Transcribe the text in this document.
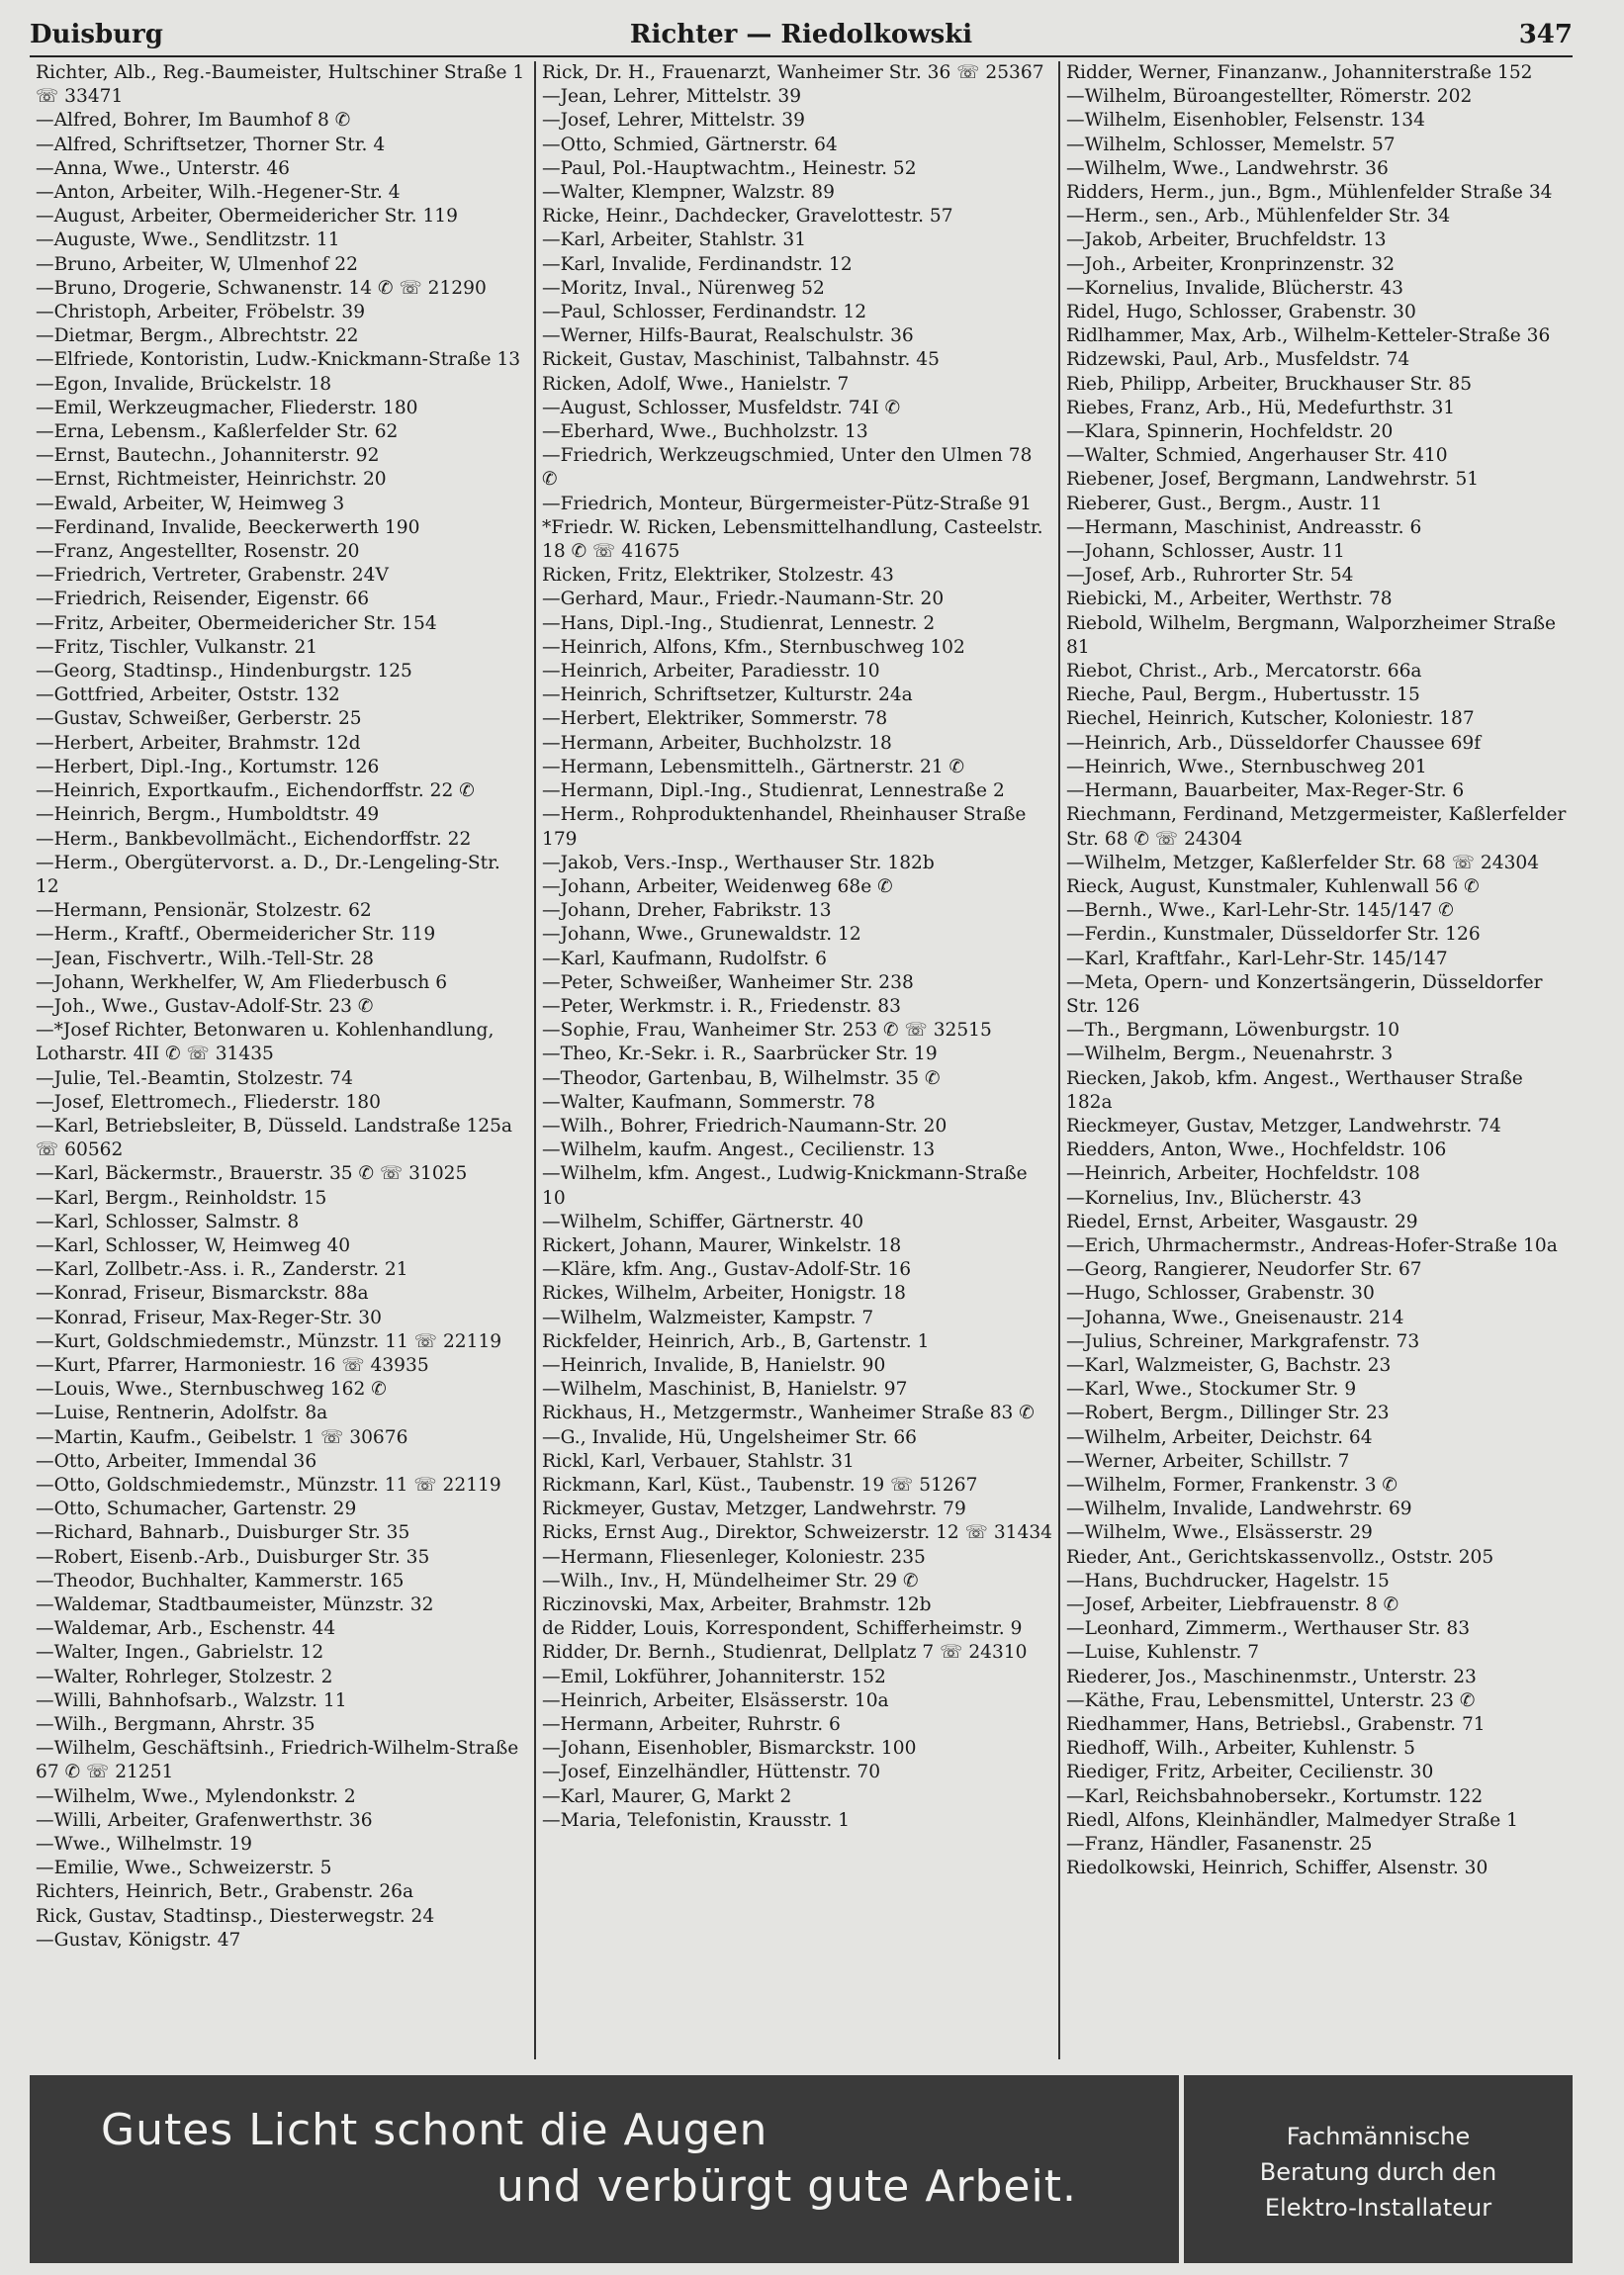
Duisburg	Richter — Riedolkowski	347
Richter, Alb., Reg.-Baumeister, Hultschiner Straße 1 ☏ 33471
—Alfred, Bohrer, Im Baumhof 8 ✆
—Alfred, Schriftsetzer, Thorner Str. 4
—Anna, Wwe., Unterstr. 46
—Anton, Arbeiter, Wilh.-Hegener-Str. 4
—August, Arbeiter, Obermeidericher Str. 119
—Auguste, Wwe., Sendlitzstr. 11
—Bruno, Arbeiter, W, Ulmenhof 22
—Bruno, Drogerie, Schwanenstr. 14 ✆ ☏ 21290
—Christoph, Arbeiter, Fröbelstr. 39
—Dietmar, Bergm., Albrechtstr. 22
—Elfriede, Kontoristin, Ludw.-Knickmann-Straße 13
—Egon, Invalide, Brückelstr. 18
—Emil, Werkzeugmacher, Fliederstr. 180
—Erna, Lebensm., Kaßlerfelder Str. 62
—Ernst, Bautechn., Johanniterstr. 92
—Ernst, Richtmeister, Heinrichstr. 20
—Ewald, Arbeiter, W, Heimweg 3
—Ferdinand, Invalide, Beeckerwerth 190
—Franz, Angestellter, Rosenstr. 20
—Friedrich, Vertreter, Grabenstr. 24V
—Friedrich, Reisender, Eigenstr. 66
—Fritz, Arbeiter, Obermeidericher Str. 154
—Fritz, Tischler, Vulkanstr. 21
—Georg, Stadtinsp., Hindenburgstr. 125
—Gottfried, Arbeiter, Oststr. 132
—Gustav, Schweißer, Gerberstr. 25
—Herbert, Arbeiter, Brahmstr. 12d
—Herbert, Dipl.-Ing., Kortumstr. 126
—Heinrich, Exportkaufm., Eichendorffstr. 22 ✆
—Heinrich, Bergm., Humboldtstr. 49
—Herm., Bankbevollmächt., Eichendorffstr. 22
—Herm., Obergütervorst. a. D., Dr.-Lengeling-Str. 12
—Hermann, Pensionär, Stolzestr. 62
—Herm., Kraftf., Obermeidericher Str. 119
—Jean, Fischvertr., Wilh.-Tell-Str. 28
—Johann, Werkhelfer, W, Am Fliederbusch 6
—Joh., Wwe., Gustav-Adolf-Str. 23 ✆
—*Josef Richter, Betonwaren u. Kohlenhandlung, Lotharstr. 4II ✆ ☏ 31435
—Julie, Tel.-Beamtin, Stolzestr. 74
—Josef, Elettromech., Fliederstr. 180
—Karl, Betriebsleiter, B, Düsseld. Landstraße 125a ☏ 60562
—Karl, Bäckermstr., Brauerstr. 35 ✆ ☏ 31025
—Karl, Bergm., Reinholdstr. 15
—Karl, Schlosser, Salmstr. 8
—Karl, Schlosser, W, Heimweg 40
—Karl, Zollbetr.-Ass. i. R., Zanderstr. 21
—Konrad, Friseur, Bismarckstr. 88a
—Konrad, Friseur, Max-Reger-Str. 30
—Kurt, Goldschmiedemstr., Münzstr. 11 ☏ 22119
—Kurt, Pfarrer, Harmoniestr. 16 ☏ 43935
—Louis, Wwe., Sternbuschweg 162 ✆
—Luise, Rentnerin, Adolfstr. 8a
—Martin, Kaufm., Geibelstr. 1 ☏ 30676
—Otto, Arbeiter, Immendal 36
—Otto, Goldschmiedemstr., Münzstr. 11 ☏ 22119
—Otto, Schumacher, Gartenstr. 29
—Richard, Bahnarb., Duisburger Str. 35
—Robert, Eisenb.-Arb., Duisburger Str. 35
—Theodor, Buchhalter, Kammerstr. 165
—Waldemar, Stadtbaumeister, Münzstr. 32
—Waldemar, Arb., Eschenstr. 44
—Walter, Ingen., Gabrielstr. 12
—Walter, Rohrleger, Stolzestr. 2
—Willi, Bahnhofsarb., Walzstr. 11
—Wilh., Bergmann, Ahrstr. 35
—Wilhelm, Geschäftsinh., Friedrich-Wilhelm-Straße 67 ✆ ☏ 21251
—Wilhelm, Wwe., Mylendonkstr. 2
—Willi, Arbeiter, Grafenwerthstr. 36
—Wwe., Wilhelmstr. 19
—Emilie, Wwe., Schweizerstr. 5
Richters, Heinrich, Betr., Grabenstr. 26a
Rick, Gustav, Stadtinsp., Diesterwegstr. 24
—Gustav, Königstr. 47
Rick, Dr. H., Frauenarzt, Wanheimer Str. 36 ☏ 25367
—Jean, Lehrer, Mittelstr. 39
—Josef, Lehrer, Mittelstr. 39
—Otto, Schmied, Gärtnerstr. 64
—Paul, Pol.-Hauptwachtm., Heinestr. 52
—Walter, Klempner, Walzstr. 89
Ricke, Heinr., Dachdecker, Gravelottestr. 57
—Karl, Arbeiter, Stahlstr. 31
—Karl, Invalide, Ferdinandstr. 12
—Moritz, Inval., Nürenweg 52
—Paul, Schlosser, Ferdinandstr. 12
—Werner, Hilfs-Baurat, Realschulstr. 36
Rickeit, Gustav, Maschinist, Talbahnstr. 45
Ricken, Adolf, Wwe., Hanielstr. 7
—August, Schlosser, Musfeldstr. 74I ✆
—Eberhard, Wwe., Buchholzstr. 13
—Friedrich, Werkzeugschmied, Unter den Ulmen 78 ✆
—Friedrich, Monteur, Bürgermeister-Pütz-Straße 91
*Friedr. W. Ricken, Lebensmittelhandlung, Casteelstr. 18 ✆ ☏ 41675
Ricken, Fritz, Elektriker, Stolzestr. 43
—Gerhard, Maur., Friedr.-Naumann-Str. 20
—Hans, Dipl.-Ing., Studienrat, Lennestr. 2
—Heinrich, Alfons, Kfm., Sternbuschweg 102
—Heinrich, Arbeiter, Paradiesstr. 10
—Heinrich, Schriftsetzer, Kulturstr. 24a
—Herbert, Elektriker, Sommerstr. 78
—Hermann, Arbeiter, Buchholzstr. 18
—Hermann, Lebensmittelh., Gärtnerstr. 21 ✆
—Hermann, Dipl.-Ing., Studienrat, Lennestraße 2
—Herm., Rohproduktenhandel, Rheinhauser Straße 179
—Jakob, Vers.-Insp., Werthauser Str. 182b
—Johann, Arbeiter, Weidenweg 68e ✆
—Johann, Dreher, Fabrikstr. 13
—Johann, Wwe., Grunewaldstr. 12
—Karl, Kaufmann, Rudolfstr. 6
—Peter, Schweißer, Wanheimer Str. 238
—Peter, Werkmstr. i. R., Friedenstr. 83
—Sophie, Frau, Wanheimer Str. 253 ✆ ☏ 32515
—Theo, Kr.-Sekr. i. R., Saarbrücker Str. 19
—Theodor, Gartenbau, B, Wilhelmstr. 35 ✆
—Walter, Kaufmann, Sommerstr. 78
—Wilh., Bohrer, Friedrich-Naumann-Str. 20
—Wilhelm, kaufm. Angest., Cecilienstr. 13
—Wilhelm, kfm. Angest., Ludwig-Knickmann-Straße 10
—Wilhelm, Schiffer, Gärtnerstr. 40
Rickert, Johann, Maurer, Winkelstr. 18
—Kläre, kfm. Ang., Gustav-Adolf-Str. 16
Rickes, Wilhelm, Arbeiter, Honigstr. 18
—Wilhelm, Walzmeister, Kampstr. 7
Rickfelder, Heinrich, Arb., B, Gartenstr. 1
—Heinrich, Invalide, B, Hanielstr. 90
—Wilhelm, Maschinist, B, Hanielstr. 97
Rickhaus, H., Metzgermstr., Wanheimer Straße 83 ✆
—G., Invalide, Hü, Ungelsheimer Str. 66
Rickl, Karl, Verbauer, Stahlstr. 31
Rickmann, Karl, Küst., Taubenstr. 19 ☏ 51267
Rickmeyer, Gustav, Metzger, Landwehrstr. 79
Ricks, Ernst Aug., Direktor, Schweizerstr. 12 ☏ 31434
—Hermann, Fliesenleger, Koloniestr. 235
—Wilh., Inv., H, Mündelheimer Str. 29 ✆
Riczinovski, Max, Arbeiter, Brahmstr. 12b
de Ridder, Louis, Korrespondent, Schifferheimstr. 9
Ridder, Dr. Bernh., Studienrat, Dellplatz 7 ☏ 24310
—Emil, Lokführer, Johanniterstr. 152
—Heinrich, Arbeiter, Elsässerstr. 10a
—Hermann, Arbeiter, Ruhrstr. 6
—Johann, Eisenhobler, Bismarckstr. 100
—Josef, Einzelhändler, Hüttenstr. 70
—Karl, Maurer, G, Markt 2
—Maria, Telefonistin, Krausstr. 1
Ridder, Werner, Finanzanw., Johanniterstraße 152
—Wilhelm, Büroangestellter, Römerstr. 202
—Wilhelm, Eisenhobler, Felsenstr. 134
—Wilhelm, Schlosser, Memelstr. 57
—Wilhelm, Wwe., Landwehrstr. 36
Ridders, Herm., jun., Bgm., Mühlenfelder Straße 34
—Herm., sen., Arb., Mühlenfelder Str. 34
—Jakob, Arbeiter, Bruchfeldstr. 13
—Joh., Arbeiter, Kronprinzenstr. 32
—Kornelius, Invalide, Blücherstr. 43
Ridel, Hugo, Schlosser, Grabenstr. 30
Ridlhammer, Max, Arb., Wilhelm-Ketteler-Straße 36
Ridzewski, Paul, Arb., Musfeldstr. 74
Rieb, Philipp, Arbeiter, Bruckhauser Str. 85
Riebes, Franz, Arb., Hü, Medefurthstr. 31
—Klara, Spinnerin, Hochfeldstr. 20
—Walter, Schmied, Angerhauser Str. 410
Riebener, Josef, Bergmann, Landwehrstr. 51
Rieberer, Gust., Bergm., Austr. 11
—Hermann, Maschinist, Andreasstr. 6
—Johann, Schlosser, Austr. 11
—Josef, Arb., Ruhrorter Str. 54
Riebicki, M., Arbeiter, Werthstr. 78
Riebold, Wilhelm, Bergmann, Walporzheimer Straße 81
Riebot, Christ., Arb., Mercatorstr. 66a
Rieche, Paul, Bergm., Hubertusstr. 15
Riechel, Heinrich, Kutscher, Koloniestr. 187
—Heinrich, Arb., Düsseldorfer Chaussee 69f
—Heinrich, Wwe., Sternbuschweg 201
—Hermann, Bauarbeiter, Max-Reger-Str. 6
Riechmann, Ferdinand, Metzgermeister, Kaßlerfelder Str. 68 ✆ ☏ 24304
—Wilhelm, Metzger, Kaßlerfelder Str. 68 ☏ 24304
Rieck, August, Kunstmaler, Kuhlenwall 56 ✆
—Bernh., Wwe., Karl-Lehr-Str. 145/147 ✆
—Ferdin., Kunstmaler, Düsseldorfer Str. 126
—Karl, Kraftfahr., Karl-Lehr-Str. 145/147
—Meta, Opern- und Konzertsängerin, Düsseldorfer Str. 126
—Th., Bergmann, Löwenburgstr. 10
—Wilhelm, Bergm., Neuenahrstr. 3
Riecken, Jakob, kfm. Angest., Werthauser Straße 182a
Rieckmeyer, Gustav, Metzger, Landwehrstr. 74
Riedders, Anton, Wwe., Hochfeldstr. 106
—Heinrich, Arbeiter, Hochfeldstr. 108
—Kornelius, Inv., Blücherstr. 43
Riedel, Ernst, Arbeiter, Wasgaustr. 29
—Erich, Uhrmachermstr., Andreas-Hofer-Straße 10a
—Georg, Rangierer, Neudorfer Str. 67
—Hugo, Schlosser, Grabenstr. 30
—Johanna, Wwe., Gneisenaustr. 214
—Julius, Schreiner, Markgrafenstr. 73
—Karl, Walzmeister, G, Bachstr. 23
—Karl, Wwe., Stockumer Str. 9
—Robert, Bergm., Dillinger Str. 23
—Wilhelm, Arbeiter, Deichstr. 64
—Werner, Arbeiter, Schillstr. 7
—Wilhelm, Former, Frankenstr. 3 ✆
—Wilhelm, Invalide, Landwehrstr. 69
—Wilhelm, Wwe., Elsässerstr. 29
Rieder, Ant., Gerichtskassenvollz., Oststr. 205
—Hans, Buchdrucker, Hagelstr. 15
—Josef, Arbeiter, Liebfrauenstr. 8 ✆
—Leonhard, Zimmerm., Werthauser Str. 83
—Luise, Kuhlenstr. 7
Riederer, Jos., Maschinenmstr., Unterstr. 23
—Käthe, Frau, Lebensmittel, Unterstr. 23 ✆
Riedhammer, Hans, Betriebsl., Grabenstr. 71
Riedhoff, Wilh., Arbeiter, Kuhlenstr. 5
Riediger, Fritz, Arbeiter, Cecilienstr. 30
—Karl, Reichsbahnobersekr., Kortumstr. 122
Riedl, Alfons, Kleinhändler, Malmedyer Straße 1
—Franz, Händler, Fasanenstr. 25
Riedolkowski, Heinrich, Schiffer, Alsenstr. 30
Gutes Licht schont die Augen
und verbürgt gute Arbeit.
Fachmännische
Beratung durch den
Elektro-Installateur
